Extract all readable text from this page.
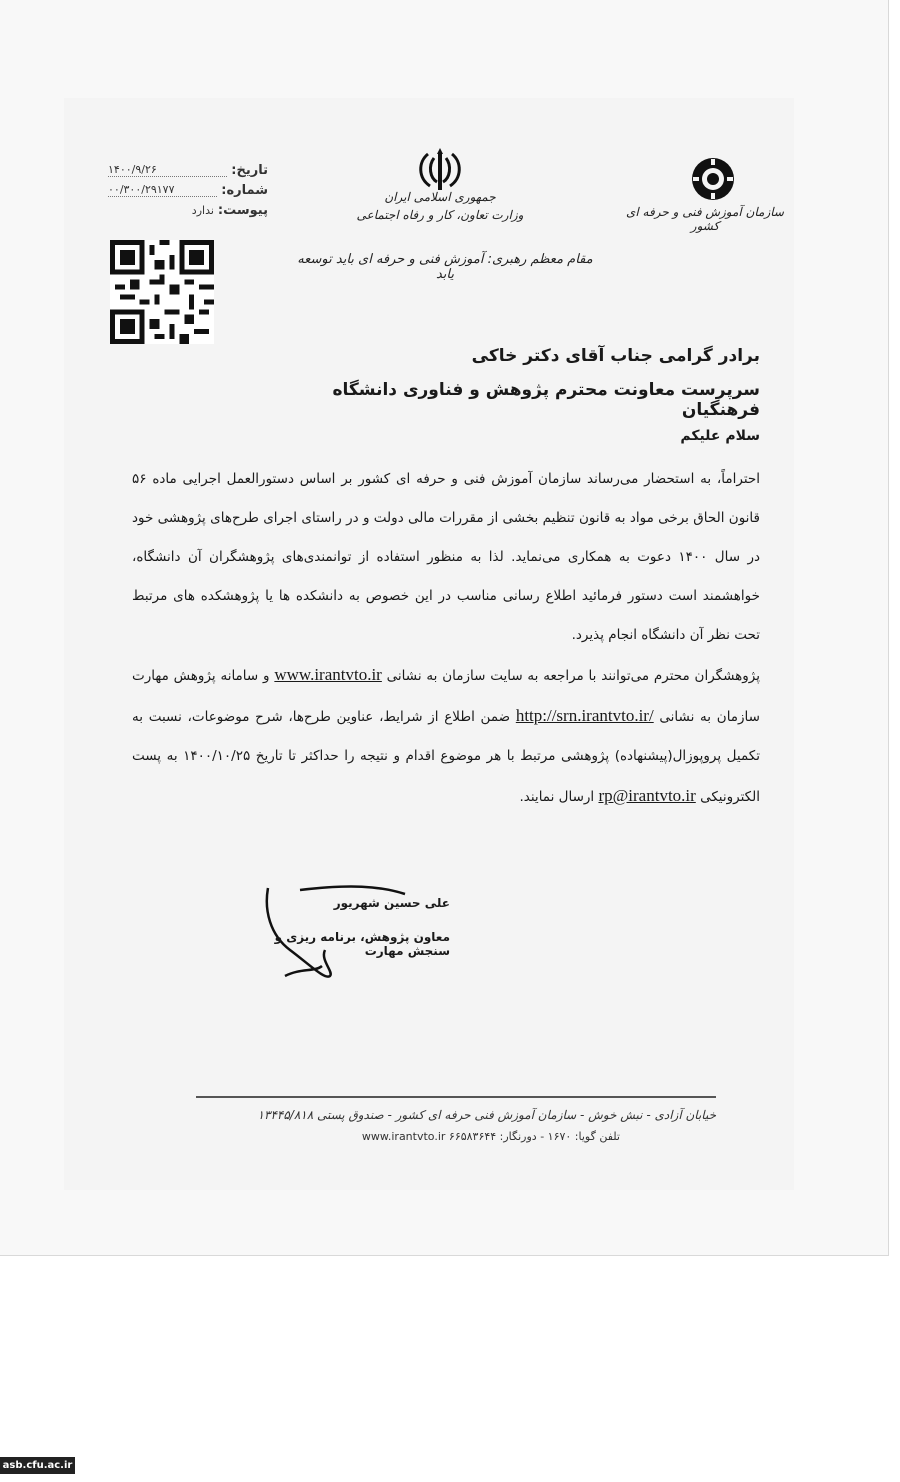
تاریخ:
۱۴۰۰/۹/۲۶
شماره:
۰۰/۳۰۰/۲۹۱۷۷
پیوست:
ندارد
جمهوری اسلامی ایران
وزارت تعاون، کار و رفاه اجتماعی
مقام معظم رهبری: آموزش فنی و حرفه ای باید توسعه یابد
سازمان آموزش فنی و حرفه ای کشور
برادر گرامی جناب آقای دکتر خاکی
سرپرست معاونت محترم پژوهش و فناوری دانشگاه فرهنگیان
سلام علیکم
احتراماً، به استحضار می‌رساند سازمان آموزش فنی و حرفه ای کشور بر اساس دستورالعمل اجرایی ماده ۵۶ قانون الحاق برخی مواد به قانون تنظیم بخشی از مقررات مالی دولت و در راستای اجرای طرح‌های پژوهشی خود در سال ۱۴۰۰ دعوت به همکاری می‌نماید. لذا به منظور استفاده از توانمندی‌های پژوهشگران آن دانشگاه، خواهشمند است دستور فرمائید اطلاع رسانی مناسب در این خصوص به دانشکده ها یا پژوهشکده های مرتبط تحت نظر آن دانشگاه انجام پذیرد.
پژوهشگران محترم می‌توانند با مراجعه به سایت سازمان به نشانی www.irantvto.ir و سامانه پژوهش مهارت سازمان به نشانی http://srn.irantvto.ir/ ضمن اطلاع از شرایط، عناوین طرح‌ها، شرح موضوعات، نسبت به تکمیل پروپوزال(پیشنهاده) پژوهشی مرتبط با هر موضوع اقدام و نتیجه را حداکثر تا تاریخ ۱۴۰۰/۱۰/۲۵ به پست الکترونیکی rp@irantvto.ir ارسال نمایند.
علی حسین شهریور
معاون پژوهش، برنامه ریزی و سنجش مهارت
خیابان آزادی - نبش خوش - سازمان آموزش فنی حرفه ای کشور - صندوق پستی ۱۳۴۴۵/۸۱۸
تلفن گویا: ۱۶۷۰ - دورنگار: ۶۶۵۸۳۶۴۴ www.irantvto.ir
asb.cfu.ac.ir
